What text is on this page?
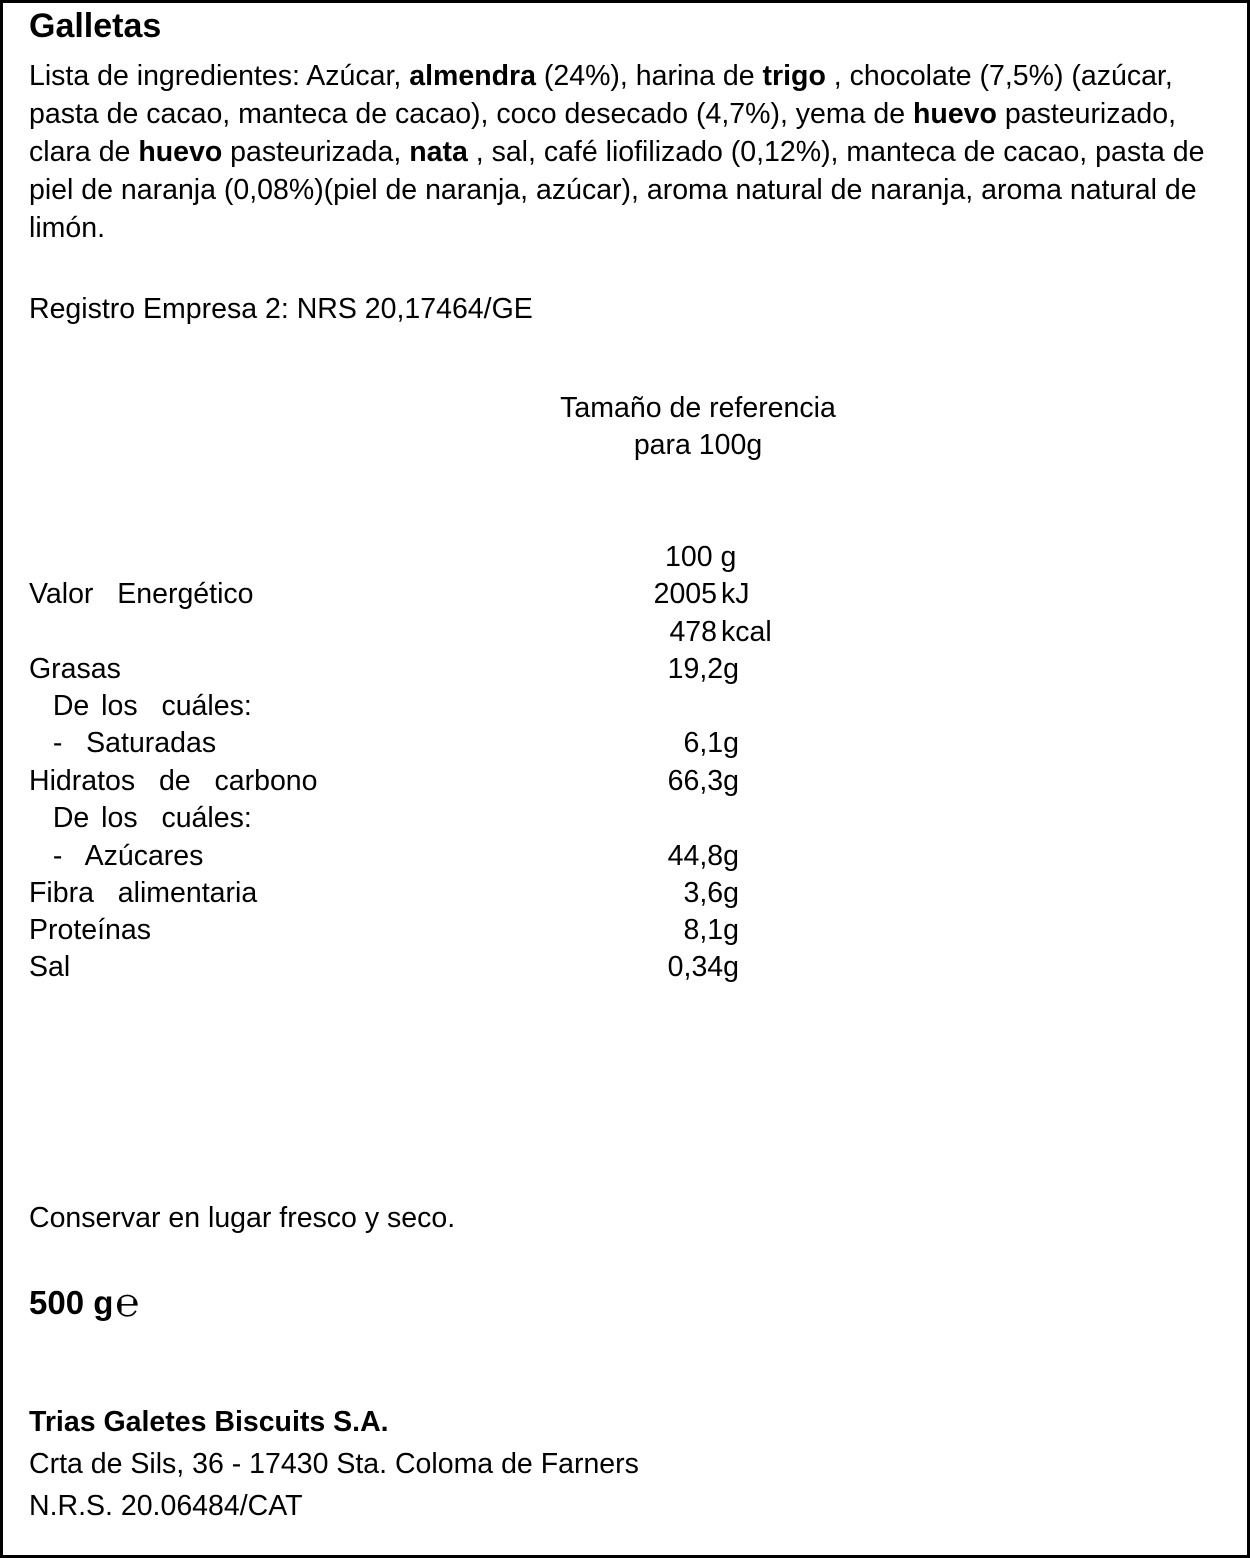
Galletas

Lista de ingredientes: Azúcar, almendra (24%), harina de trigo , chocolate (7,5%) (azúcar, pasta de cacao, manteca de cacao), coco desecado (4,7%), yema de huevo pasteurizado, clara de huevo pasteurizada, nata , sal, café liofilizado (0,12%), manteca de cacao, pasta de piel de naranja (0,08%)(piel de naranja, azúcar), aroma natural de naranja, aroma natural de limón.

Registro Empresa 2: NRS 20,17464/GE

Tamaño de referencia
para 100g
100 g
Valor  Energético	2005 kJ
478 kcal
Grasas	19,2g
De los  cuáles:
-  Saturadas	6,1g
Hidratos  de  carbono	66,3g
De los  cuáles:
-  Azúcares	44,8g
Fibra  alimentaria	3,6g
Proteínas	8,1g
Sal	0,34g

Conservar en lugar fresco y seco.

500 g ℮

Trias Galetes Biscuits S.A.
Crta de Sils, 36 - 17430 Sta. Coloma de Farners
N.R.S. 20.06484/CAT
